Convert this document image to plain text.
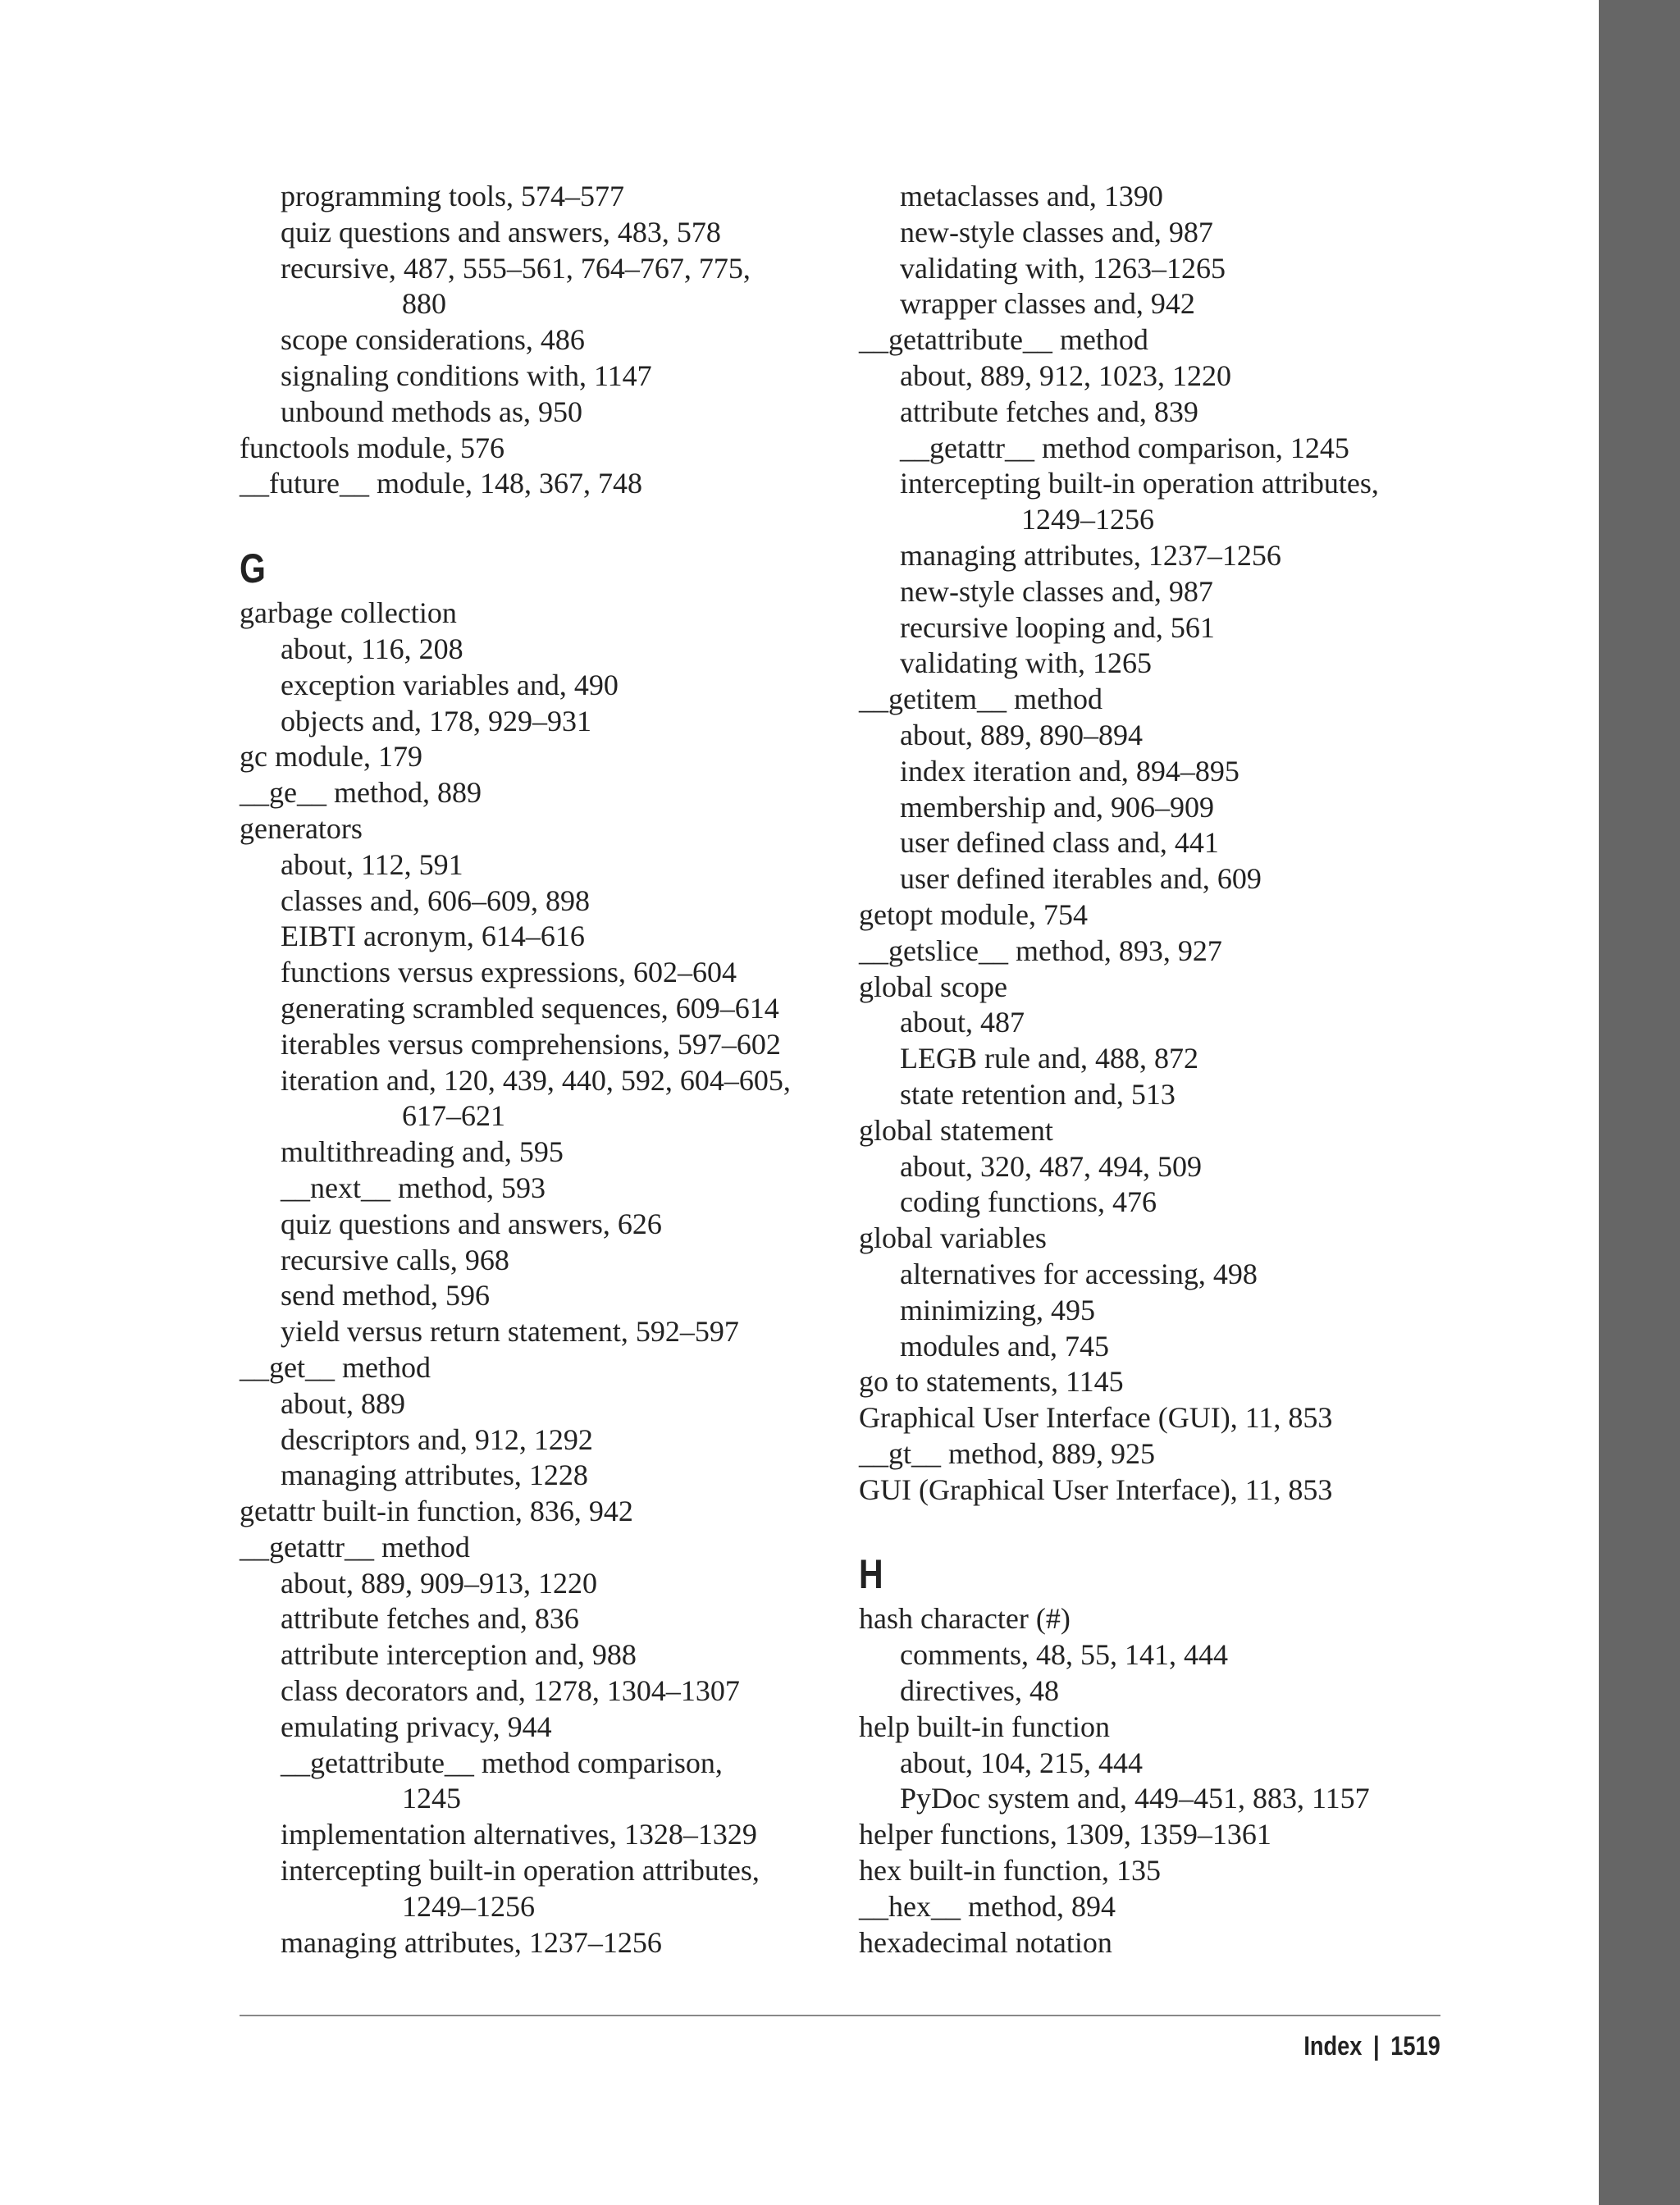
programming tools, 574–577
quiz questions and answers, 483, 578
recursive, 487, 555–561, 764–767, 775,
880
scope considerations, 486
signaling conditions with, 1147
unbound methods as, 950
functools module, 576
__future__ module, 148, 367, 748
G
garbage collection
about, 116, 208
exception variables and, 490
objects and, 178, 929–931
gc module, 179
__ge__ method, 889
generators
about, 112, 591
classes and, 606–609, 898
EIBTI acronym, 614–616
functions versus expressions, 602–604
generating scrambled sequences, 609–614
iterables versus comprehensions, 597–602
iteration and, 120, 439, 440, 592, 604–605,
617–621
multithreading and, 595
__next__ method, 593
quiz questions and answers, 626
recursive calls, 968
send method, 596
yield versus return statement, 592–597
__get__ method
about, 889
descriptors and, 912, 1292
managing attributes, 1228
getattr built-in function, 836, 942
__getattr__ method
about, 889, 909–913, 1220
attribute fetches and, 836
attribute interception and, 988
class decorators and, 1278, 1304–1307
emulating privacy, 944
__getattribute__ method comparison,
1245
implementation alternatives, 1328–1329
intercepting built-in operation attributes,
1249–1256
managing attributes, 1237–1256
metaclasses and, 1390
new-style classes and, 987
validating with, 1263–1265
wrapper classes and, 942
__getattribute__ method
about, 889, 912, 1023, 1220
attribute fetches and, 839
__getattr__ method comparison, 1245
intercepting built-in operation attributes,
1249–1256
managing attributes, 1237–1256
new-style classes and, 987
recursive looping and, 561
validating with, 1265
__getitem__ method
about, 889, 890–894
index iteration and, 894–895
membership and, 906–909
user defined class and, 441
user defined iterables and, 609
getopt module, 754
__getslice__ method, 893, 927
global scope
about, 487
LEGB rule and, 488, 872
state retention and, 513
global statement
about, 320, 487, 494, 509
coding functions, 476
global variables
alternatives for accessing, 498
minimizing, 495
modules and, 745
go to statements, 1145
Graphical User Interface (GUI), 11, 853
__gt__ method, 889, 925
GUI (Graphical User Interface), 11, 853
H
hash character (#)
comments, 48, 55, 141, 444
directives, 48
help built-in function
about, 104, 215, 444
PyDoc system and, 449–451, 883, 1157
helper functions, 1309, 1359–1361
hex built-in function, 135
__hex__ method, 894
hexadecimal notation
Index | 1519
